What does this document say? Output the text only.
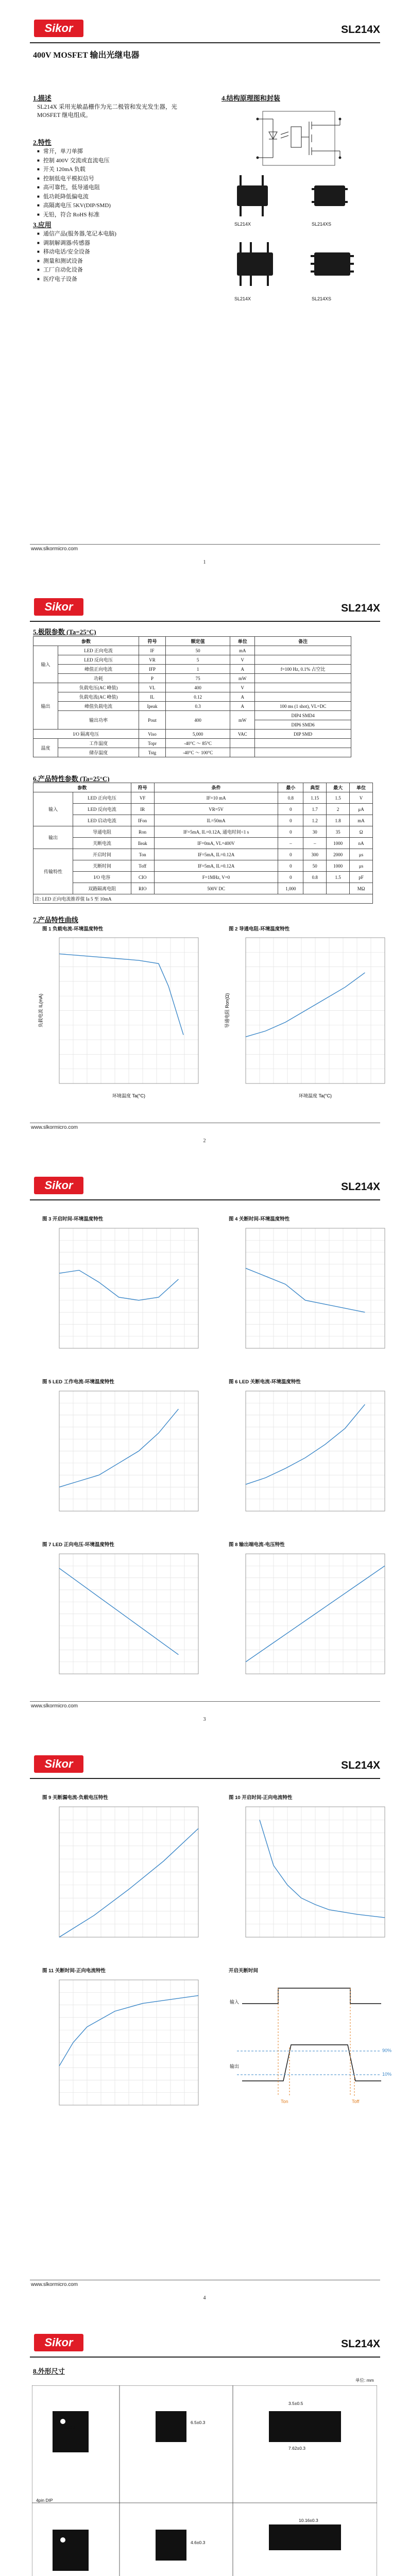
Sikor	SL214X
400V MOSFET 输出光继电器
1.描述
SL214X 采用光敏晶栅作为光二极管和发光发生器，光 MOSFET 继电组成。
4.结构原理图和封装
2.特性
■ 常开，单刀单掷
■ 控制 400V 交流或直流电压
■ 开关 120mA 负载
■ 控制低电平模拟信号
■ 高可靠性，低导通电阻
■ 低功耗降低偏电流
■ 高隔离电压 5KV(DIP/SMD)
■ 无铅，符合 RoHS 标准
3.应用
■ 通信产品(服务器,笔记本电脑)
■ 调制解调器/传感器
■ 移动电话/安全设备
■ 测量和测试设备
■ 工厂自动化设备
■ 医疗电子设备
SL214X	SL214XS
SL214X	SL214XS
www.slkormicro.com
1
Sikor	SL214X
5.极限参数 (Ta=25°C)
参数		符号	额定值	单位	备注
输入	LED 正向电流	IF	50	mA	
	LED 反向电压	VR	5	V	
	峰值正向电流	IFP	1	A	f=100 Hz, 0.1% 占空比
	功耗	P	75	mW	
输出	负载电压(AC 峰值)	VL	400	V	
	负载电流(AC 峰值)	IL	0.12	A	
	峰值负载电流	Ipeak	0.3	A	100 ms (1 shot), VL=DC
	输出功率	Pout	400	mW	DIP4 SMD4
					DIP6 SMD6
I/O 隔离电压		Viso	5,000	VAC	DIP SMD
温度	工作温度	Topr	-40°C ～ 85°C		
	储存温度	Tstg	-40°C ～ 100°C		
6.产品特性参数 (Ta=25°C)
参数		符号	条件	最小	典型	最大	单位
输入	LED 正向电压	VF	IF=10 mA	0.8	1.15	1.5	V
	LED 反向电流	IR	VR=5V	0	1.7	2	μA
	LED 启动电流	IFon	IL=50mA	0	1.2	1.8	mA
输出	导通电阻	Ron	IF=5mA, IL=0.12A, 通电时间<1 s	0	30	35	Ω
	关断电流	Ileak	IF=0mA, VL=400V	–	–	1000	nA
传输特性	开启时间	Ton	IF=5mA, IL=0.12A	0	300	2000	μs
	关断时间	Toff	IF=5mA, IL=0.12A	0	50	1000	μs
	I/O 电容	CIO	F=1MHz, V=0	0	0.8	1.5	pF
	双路隔离电阻	RIO	500V DC	1,000			MΩ
注: LED 正向电流推荐值 Ia 5 至 10mA							
7.产品特性曲线
图 1 负载电流-环境温度特性	图 2 导通电阻-环境温度特性
环境温度 Ta(°C)
负载电流 IL(mA)
环境温度 Ta(°C)
导通电阻 Ron(Ω)
www.slkormicro.com
2
Sikor	SL214X
图 3 开启时间-环境温度特性	图 4 关断时间-环境温度特性
图 5 LED 工作电流-环境温度特性	图 6 LED 关断电流-环境温度特性
图 7 LED 正向电压-环境温度特性	图 8 输出端电流-电压特性
www.slkormicro.com
3
Sikor	SL214X
图 9 关断漏电流-负载电压特性	图 10 开启时间-正向电流特性
图 11 关断时间-正向电流特性	开启关断时间
输入
输出
90%
10%
Ton	Toff
www.slkormicro.com
4
Sikor	SL214X
8.外形尺寸
单位: mm
4pin DIP
4.6±0.3
6.5±0.3
3.5±0.5
7.62±0.3
4.6±0.3
10.16±0.3
